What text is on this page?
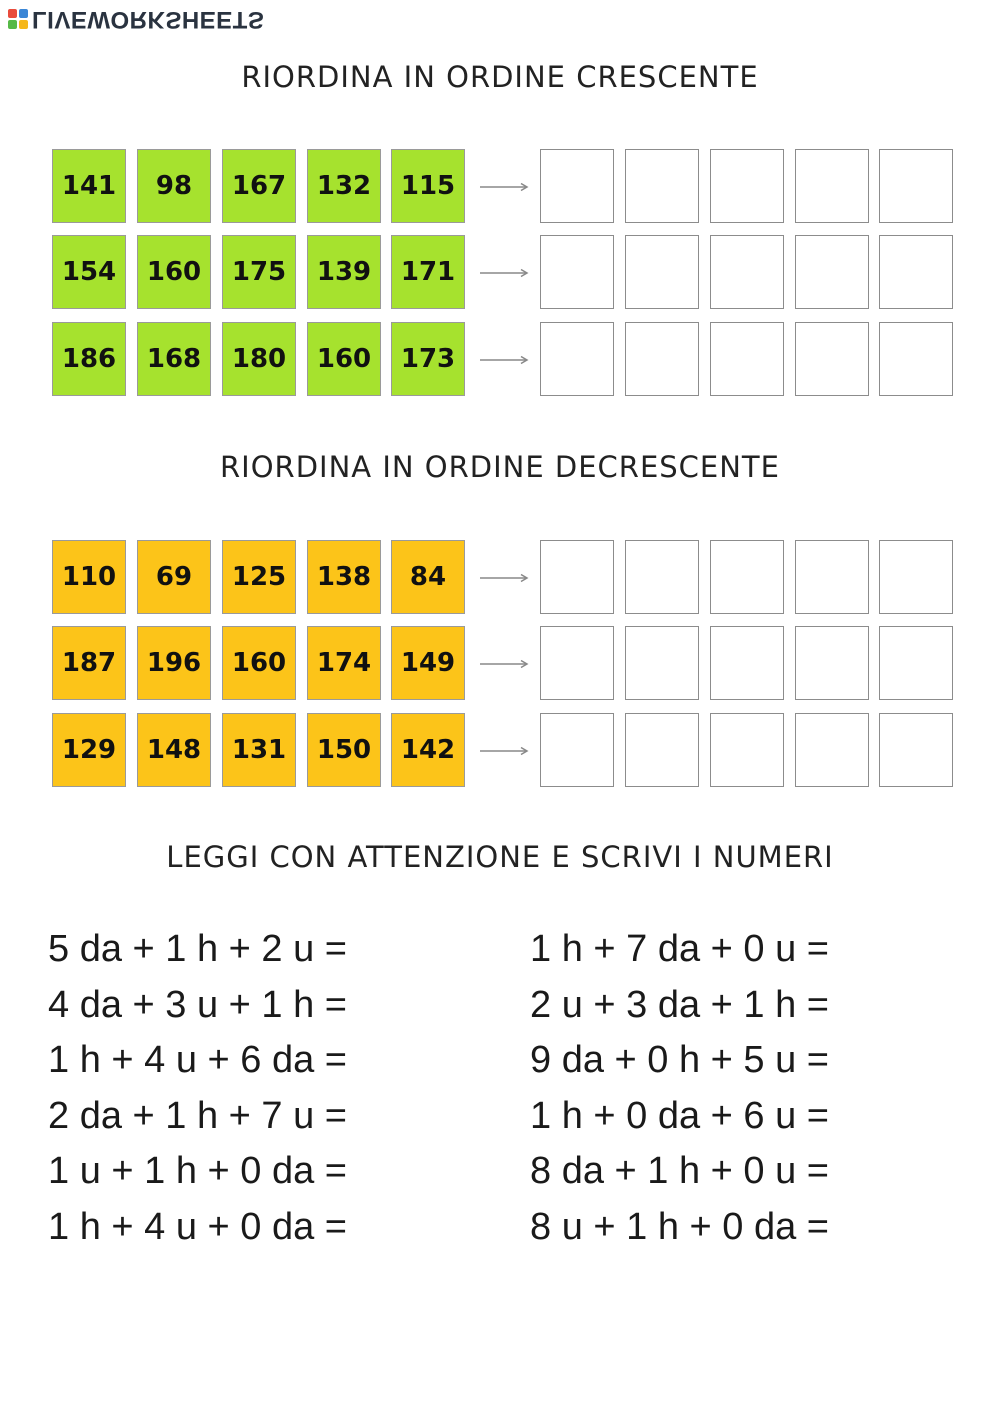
LIVEWORKSHEETS
RIORDINA IN ORDINE CRESCENTE
141	98	167	132	115
154	160	175	139	171
186	168	180	160	173
RIORDINA IN ORDINE DECRESCENTE
110	69	125	138	84
187	196	160	174	149
129	148	131	150	142
LEGGI CON ATTENZIONE E SCRIVI I NUMERI
5 da + 1 h + 2 u =
4 da + 3 u + 1 h =
1 h + 4 u + 6 da =
2 da + 1 h + 7 u =
1 u + 1 h + 0 da =
1 h + 4 u + 0 da =
1 h + 7 da + 0 u =
2 u + 3 da + 1 h =
9 da + 0 h + 5 u =
1 h + 0 da + 6 u =
8 da + 1 h + 0 u =
8 u + 1 h + 0 da =
